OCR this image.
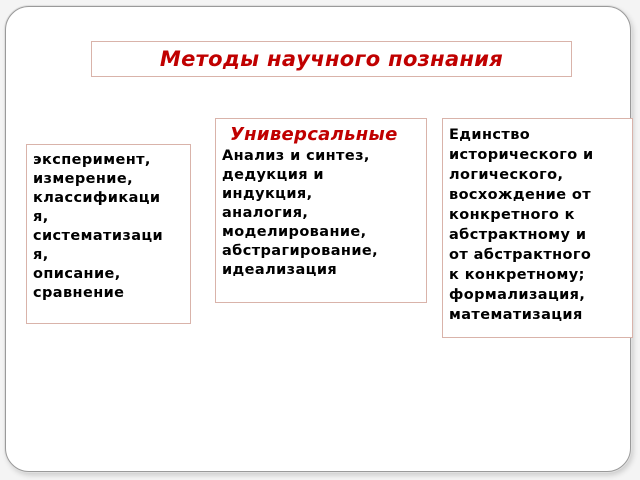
Методы научного познания
эксперимент,
измерение,
классификаци
я,
систематизаци
я,
описание,
сравнение
Универсальные
Анализ и синтез,
дедукция и
индукция,
аналогия,
моделирование,
абстрагирование,
идеализация
Единство
исторического и
логического,
восхождение от
конкретного к
абстрактному и
от абстрактного
к конкретному;
формализация,
математизация
